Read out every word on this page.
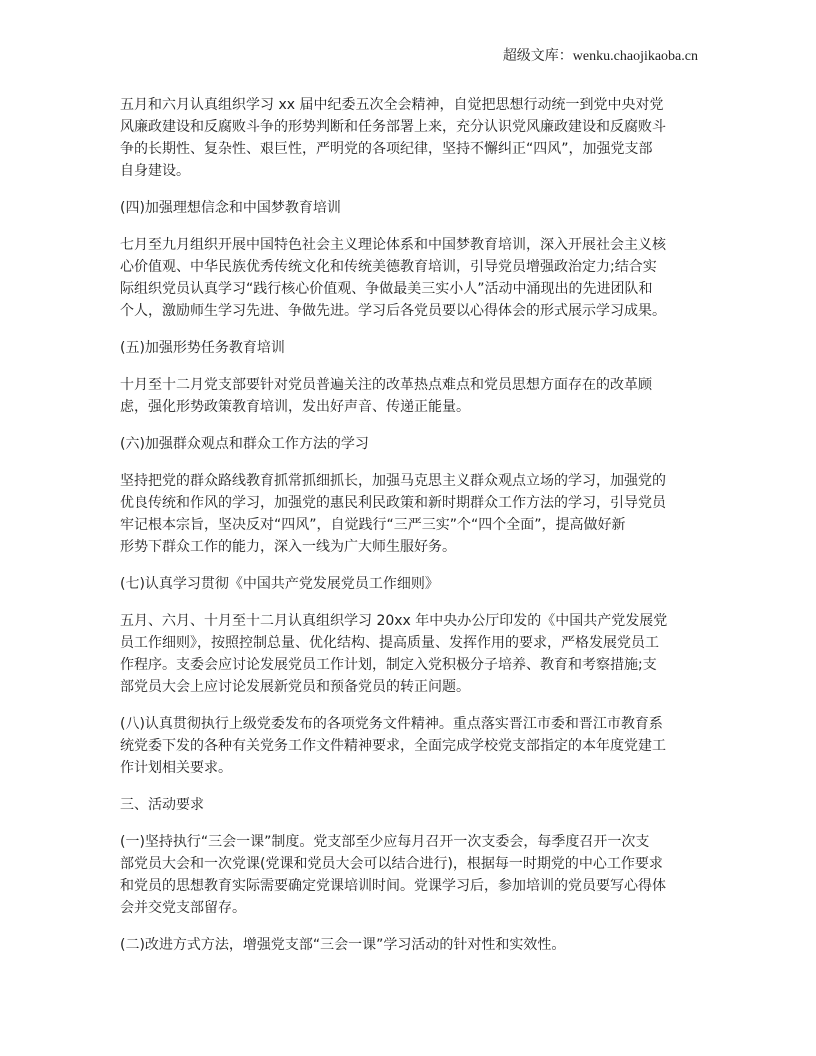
超级文库：wenku.chaojikaoba.cn
五月和六月认真组织学习 xx 届中纪委五次全会精神，自觉把思想行动统一到党中央对党
风廉政建设和反腐败斗争的形势判断和任务部署上来，充分认识党风廉政建设和反腐败斗
争的长期性、复杂性、艰巨性，严明党的各项纪律，坚持不懈纠正“四风”，加强党支部
自身建设。
(四)加强理想信念和中国梦教育培训
七月至九月组织开展中国特色社会主义理论体系和中国梦教育培训，深入开展社会主义核
心价值观、中华民族优秀传统文化和传统美德教育培训，引导党员增强政治定力;结合实
际组织党员认真学习“践行核心价值观、争做最美三实小人”活动中涌现出的先进团队和
个人，激励师生学习先进、争做先进。学习后各党员要以心得体会的形式展示学习成果。
(五)加强形势任务教育培训
十月至十二月党支部要针对党员普遍关注的改革热点难点和党员思想方面存在的改革顾
虑，强化形势政策教育培训，发出好声音、传递正能量。
(六)加强群众观点和群众工作方法的学习
坚持把党的群众路线教育抓常抓细抓长，加强马克思主义群众观点立场的学习，加强党的
优良传统和作风的学习，加强党的惠民利民政策和新时期群众工作方法的学习，引导党员
牢记根本宗旨，坚决反对“四风”，自觉践行“三严三实”个“四个全面”，提高做好新
形势下群众工作的能力，深入一线为广大师生服好务。
(七)认真学习贯彻《中国共产党发展党员工作细则》
五月、六月、十月至十二月认真组织学习 20xx 年中央办公厅印发的《中国共产党发展党
员工作细则》，按照控制总量、优化结构、提高质量、发挥作用的要求，严格发展党员工
作程序。支委会应讨论发展党员工作计划，制定入党积极分子培养、教育和考察措施;支
部党员大会上应讨论发展新党员和预备党员的转正问题。
(八)认真贯彻执行上级党委发布的各项党务文件精神。重点落实晋江市委和晋江市教育系
统党委下发的各种有关党务工作文件精神要求，全面完成学校党支部指定的本年度党建工
作计划相关要求。
三、活动要求
(一)坚持执行“三会一课”制度。党支部至少应每月召开一次支委会，每季度召开一次支
部党员大会和一次党课(党课和党员大会可以结合进行)，根据每一时期党的中心工作要求
和党员的思想教育实际需要确定党课培训时间。党课学习后，参加培训的党员要写心得体
会并交党支部留存。
(二)改进方式方法，增强党支部“三会一课”学习活动的针对性和实效性。
